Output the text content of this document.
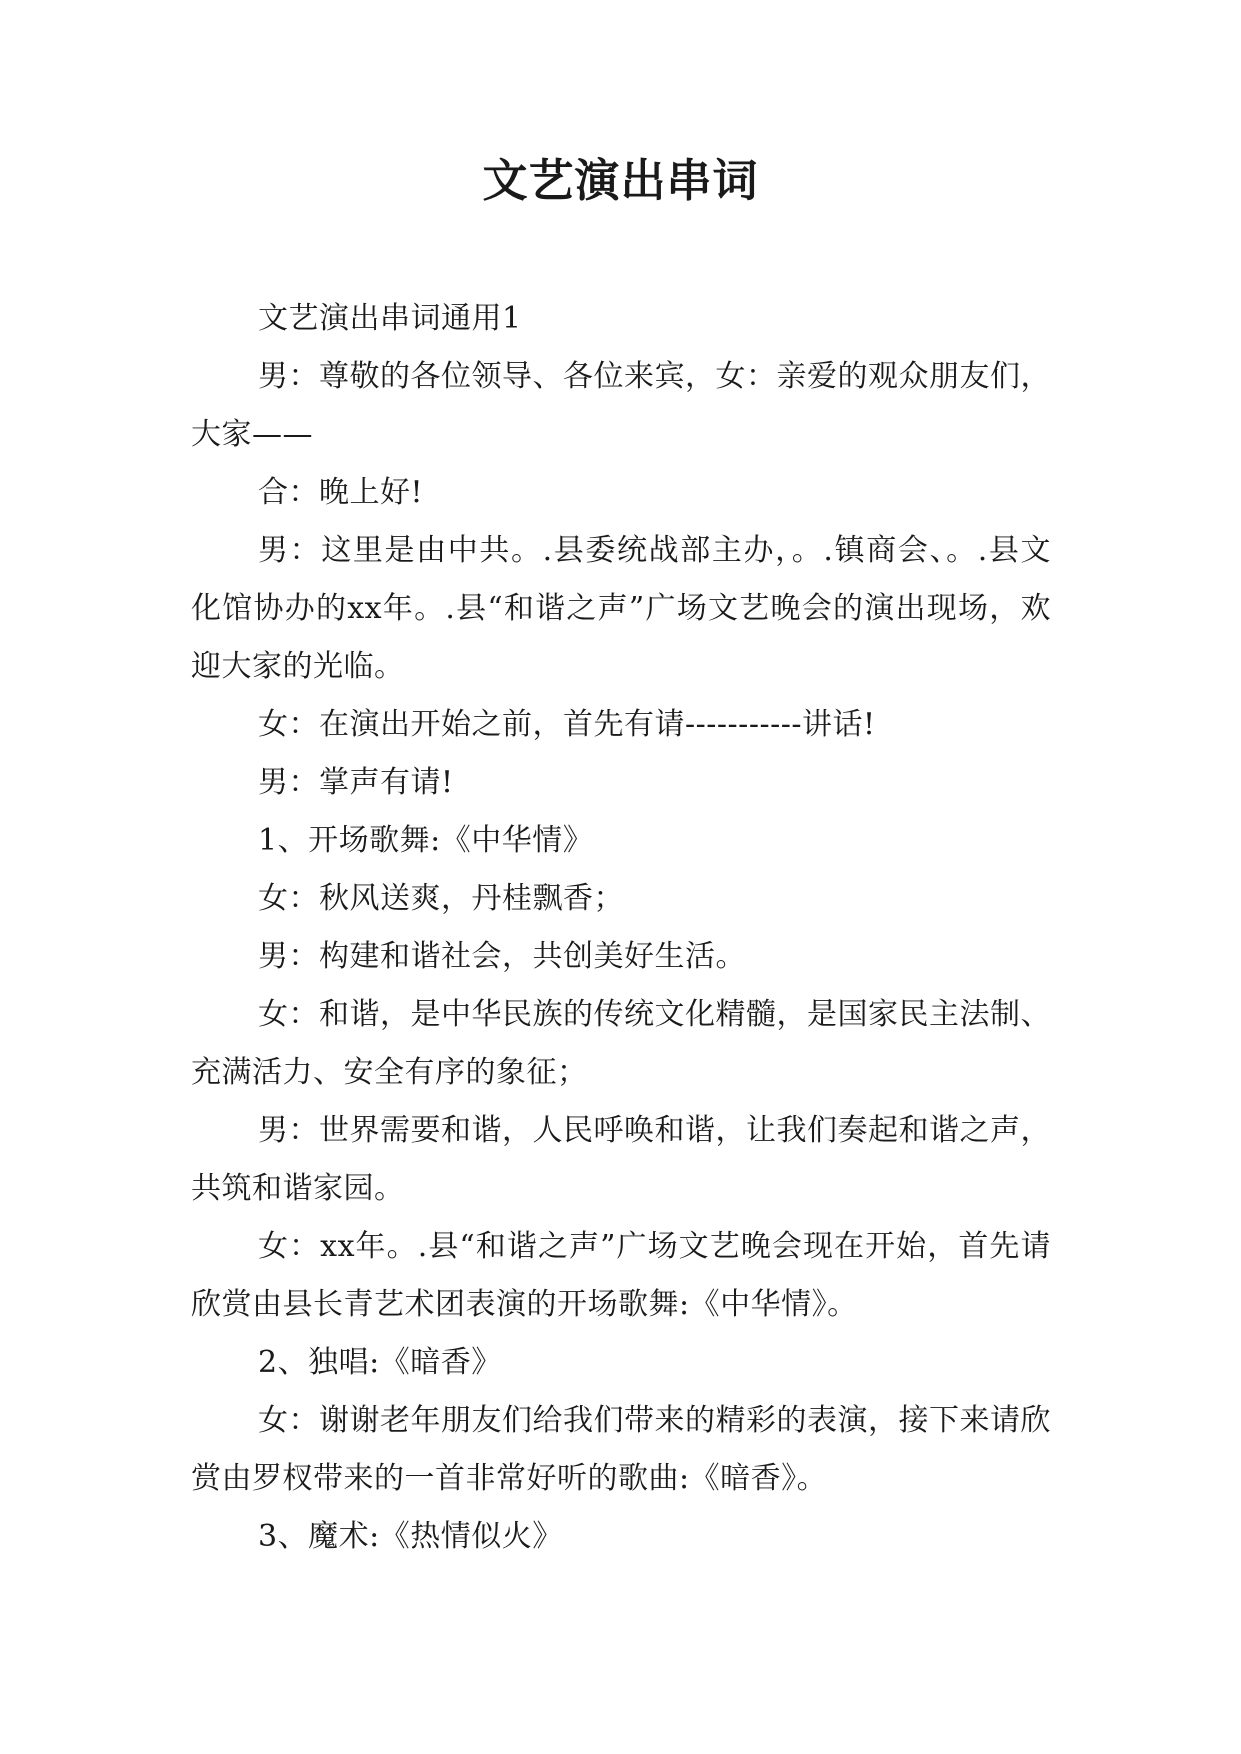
文艺演出串词

文艺演出串词通用1

男：尊敬的各位领导、各位来宾，女：亲爱的观众朋友们，大家——

合：晚上好!

男：这里是由中共。.县委统战部主办，。.镇商会、。.县文化馆协办的xx年。.县“和谐之声”广场文艺晚会的演出现场，欢迎大家的光临。

女：在演出开始之前，首先有请-----------讲话!

男：掌声有请!

1、开场歌舞:《中华情》

女：秋风送爽，丹桂飘香；

男：构建和谐社会，共创美好生活。

女：和谐，是中华民族的传统文化精髓，是国家民主法制、充满活力、安全有序的象征；

男：世界需要和谐，人民呼唤和谐，让我们奏起和谐之声，共筑和谐家园。

女：xx年。.县“和谐之声”广场文艺晚会现在开始，首先请欣赏由县长青艺术团表演的开场歌舞:《中华情》。

2、独唱:《暗香》

女：谢谢老年朋友们给我们带来的精彩的表演，接下来请欣赏由罗杈带来的一首非常好听的歌曲:《暗香》。

3、魔术:《热情似火》
